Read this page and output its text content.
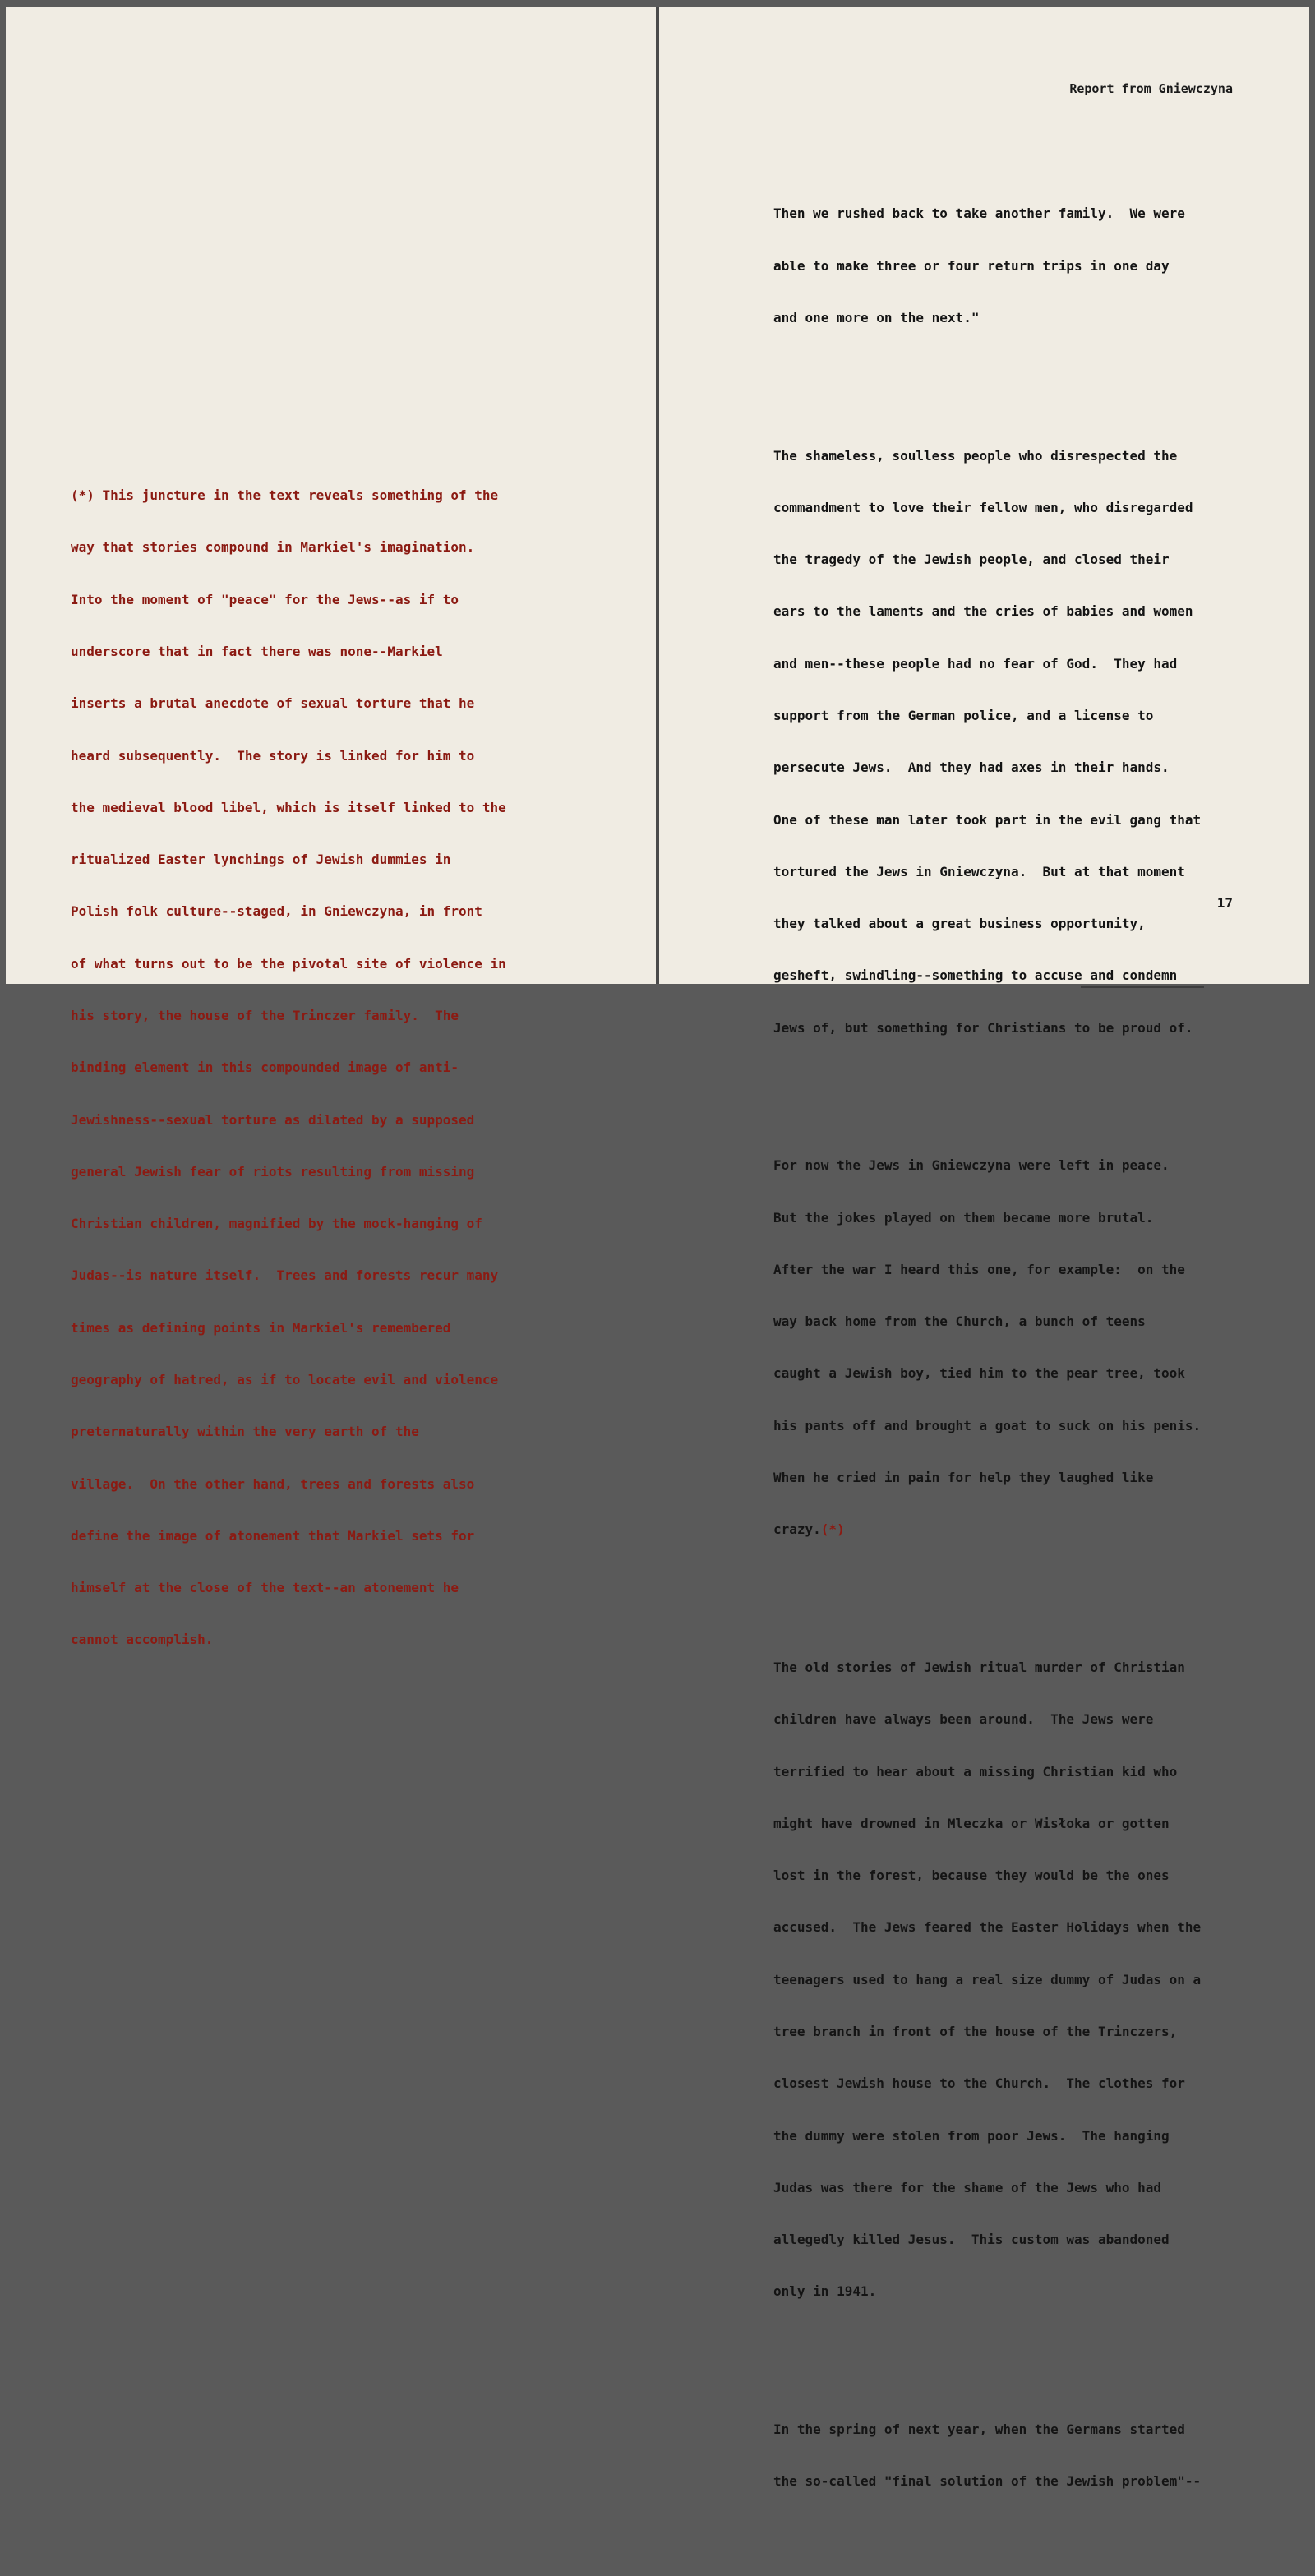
(*) This juncture in the text reveals something of the

way that stories compound in Markiel's imagination.

Into the moment of "peace" for the Jews--as if to

underscore that in fact there was none--Markiel

inserts a brutal anecdote of sexual torture that he

heard subsequently.  The story is linked for him to

the medieval blood libel, which is itself linked to the

ritualized Easter lynchings of Jewish dummies in

Polish folk culture--staged, in Gniewczyna, in front

of what turns out to be the pivotal site of violence in

his story, the house of the Trinczer family.  The

binding element in this compounded image of anti-

Jewishness--sexual torture as dilated by a supposed

general Jewish fear of riots resulting from missing

Christian children, magnified by the mock-hanging of

Judas--is nature itself.  Trees and forests recur many

times as defining points in Markiel's remembered

geography of hatred, as if to locate evil and violence

preternaturally within the very earth of the

village.  On the other hand, trees and forests also

define the image of atonement that Markiel sets for

himself at the close of the text--an atonement he

cannot accomplish.

Report from Gniewczyna

Then we rushed back to take another family.  We were

able to make three or four return trips in one day

and one more on the next."

The shameless, soulless people who disrespected the

commandment to love their fellow men, who disregarded

the tragedy of the Jewish people, and closed their

ears to the laments and the cries of babies and women

and men--these people had no fear of God.  They had

support from the German police, and a license to

persecute Jews.  And they had axes in their hands.

One of these man later took part in the evil gang that

tortured the Jews in Gniewczyna.  But at that moment

they talked about a great business opportunity,

gesheft, swindling--something to accuse and condemn

Jews of, but something for Christians to be proud of.

For now the Jews in Gniewczyna were left in peace.

But the jokes played on them became more brutal.

After the war I heard this one, for example:  on the

way back home from the Church, a bunch of teens

caught a Jewish boy, tied him to the pear tree, took

his pants off and brought a goat to suck on his penis.

When he cried in pain for help they laughed like

crazy.(*)

The old stories of Jewish ritual murder of Christian

children have always been around.  The Jews were

terrified to hear about a missing Christian kid who

might have drowned in Mleczka or Wisłoka or gotten

lost in the forest, because they would be the ones

accused.  The Jews feared the Easter Holidays when the

teenagers used to hang a real size dummy of Judas on a

tree branch in front of the house of the Trinczers,

closest Jewish house to the Church.  The clothes for

the dummy were stolen from poor Jews.  The hanging

Judas was there for the shame of the Jews who had

allegedly killed Jesus.  This custom was abandoned

only in 1941.

In the spring of next year, when the Germans started

the so-called "final solution of the Jewish problem"--

17
